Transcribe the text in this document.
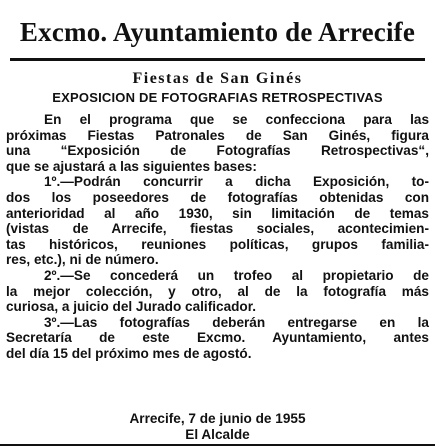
Excmo. Ayuntamiento de Arrecife
Fiestas de San Ginés
EXPOSICION DE FOTOGRAFIAS RETROSPECTIVAS
En el programa que se confecciona para las
próximas Fiestas Patronales de San Ginés, figura
una “Exposición de Fotografías Retrospectivas“,
que se ajustará a las siguientes bases:
1º.—Podrán concurrir a dicha Exposición, to-
dos los poseedores de fotografías obtenidas con
anterioridad al año 1930, sin limitación de temas
(vistas de Arrecife, fiestas sociales, acontecimien-
tas históricos, reuniones políticas, grupos familia-
res, etc.), ni de número.
2º.—Se concederá un trofeo al propietario de
la mejor colección, y otro, al de la fotografía más
curiosa, a juicio del Jurado calificador.
3º.—Las fotografías deberán entregarse en la
Secretaría de este Excmo. Ayuntamiento, antes
del día 15 del próximo mes de agostó.
Arrecife, 7 de junio de 1955
El Alcalde
